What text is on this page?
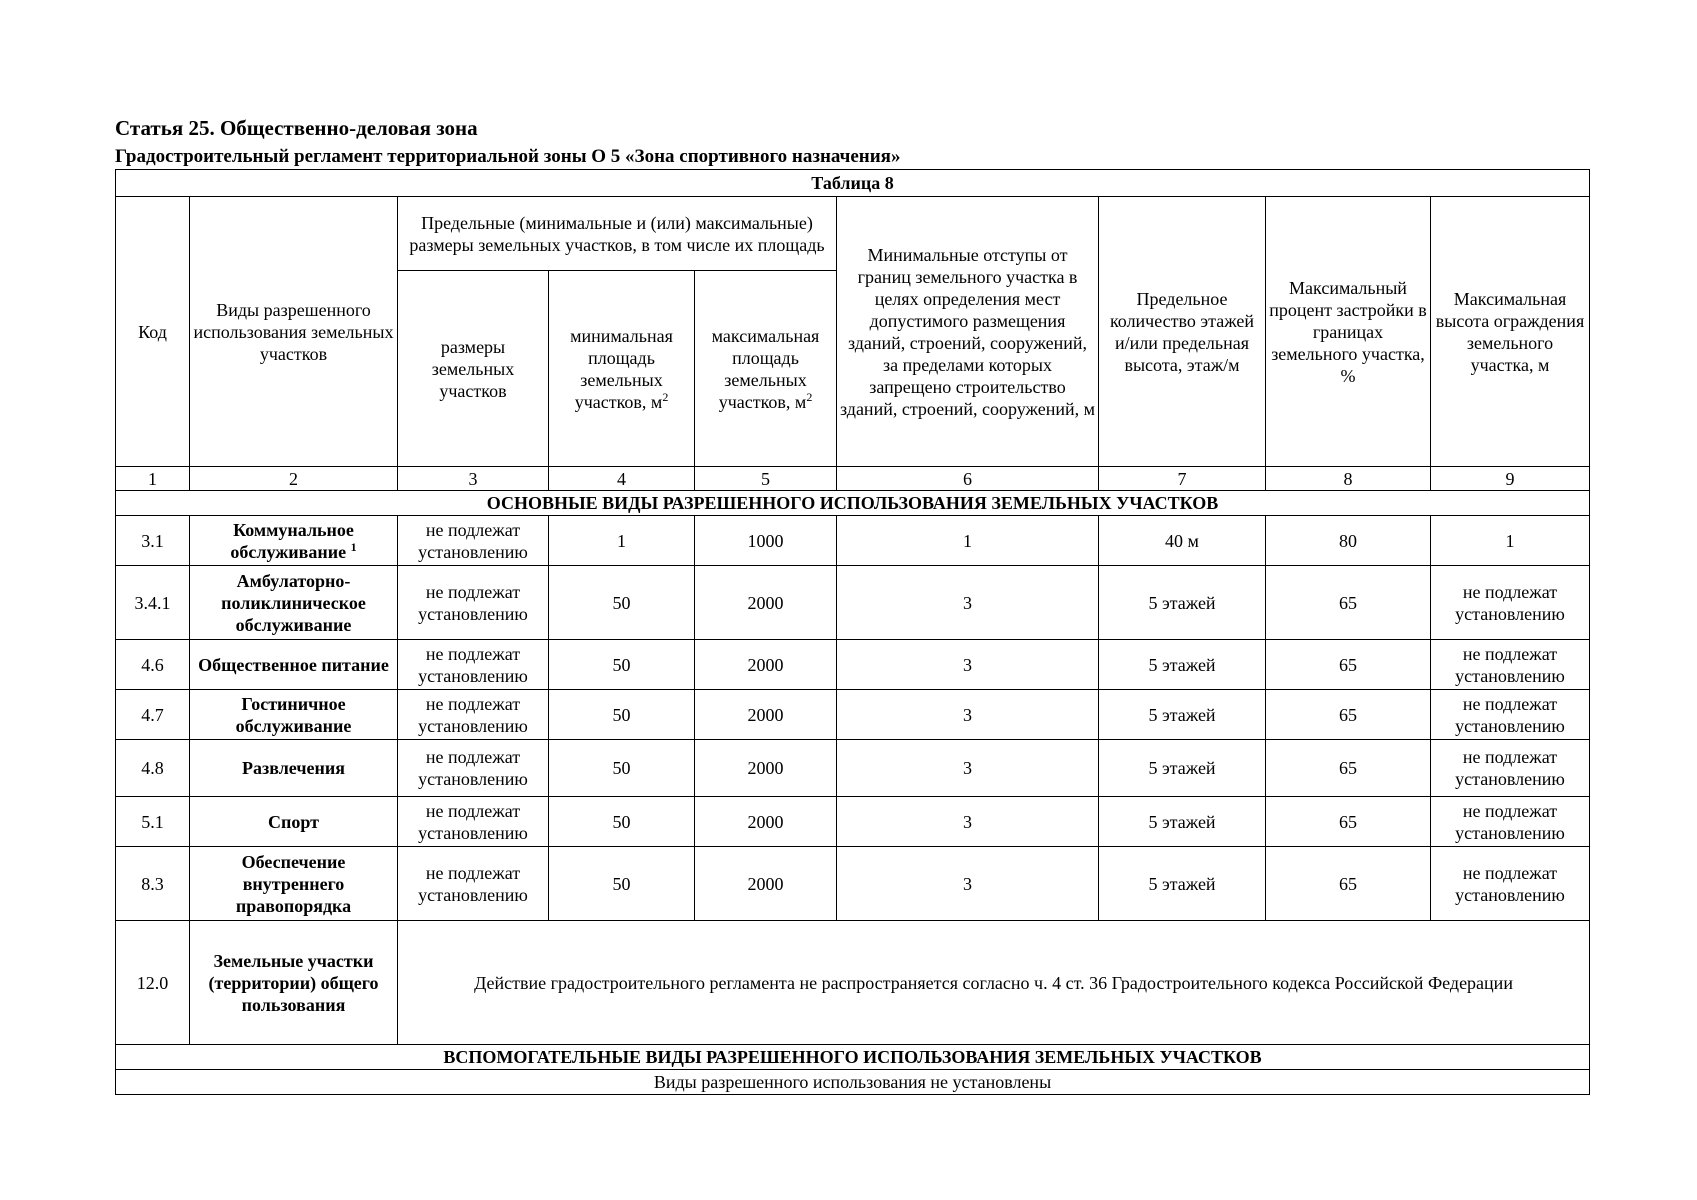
Статья 25. Общественно-деловая зона
Градостроительный регламент территориальной зоны О 5 «Зона спортивного назначения»
Таблица 8								
Код	Виды разрешенного использования земельных участков	Предельные (минимальные и (или) максимальные) размеры земельных участков, в том числе их площадь			Минимальные отступы от границ земельного участка в целях определения мест допустимого размещения зданий, строений, сооружений, за пределами которых запрещено строительство зданий, строений, сооружений, м	Предельное количество этажей и/или предельная высота, этаж/м	Максимальный процент застройки в границах земельного участка, %	Максимальная высота ограждения земельного участка, м
		размеры земельных участков	минимальная площадь земельных участков, $м^2$	максимальная площадь земельных участков, $м^2$
1	2	3	4	5	6	7	8	9
ОСНОВНЫЕ ВИДЫ РАЗРЕШЕННОГО ИСПОЛЬЗОВАНИЯ ЗЕМЕЛЬНЫХ УЧАСТКОВ								
3.1	Коммунальное обслуживание $^1$	не подлежат установлению	1	1000	1	40 м	80	1
3.4.1	Амбулаторно-поликлиническое обслуживание	не подлежат установлению	50	2000	3	5 этажей	65	не подлежат установлению
4.6	Общественное питание	не подлежат установлению	50	2000	3	5 этажей	65	не подлежат установлению
4.7	Гостиничное обслуживание	не подлежат установлению	50	2000	3	5 этажей	65	не подлежат установлению
4.8	Развлечения	не подлежат установлению	50	2000	3	5 этажей	65	не подлежат установлению
5.1	Спорт	не подлежат установлению	50	2000	3	5 этажей	65	не подлежат установлению
8.3	Обеспечение внутреннего правопорядка	не подлежат установлению	50	2000	3	5 этажей	65	не подлежат установлению
12.0	Земельные участки (территории) общего пользования	Действие градостроительного регламента не распространяется согласно ч. 4 ст. 36 Градостроительного кодекса Российской Федерации						
ВСПОМОГАТЕЛЬНЫЕ ВИДЫ РАЗРЕШЕННОГО ИСПОЛЬЗОВАНИЯ ЗЕМЕЛЬНЫХ УЧАСТКОВ								
Виды разрешенного использования не установлены								
